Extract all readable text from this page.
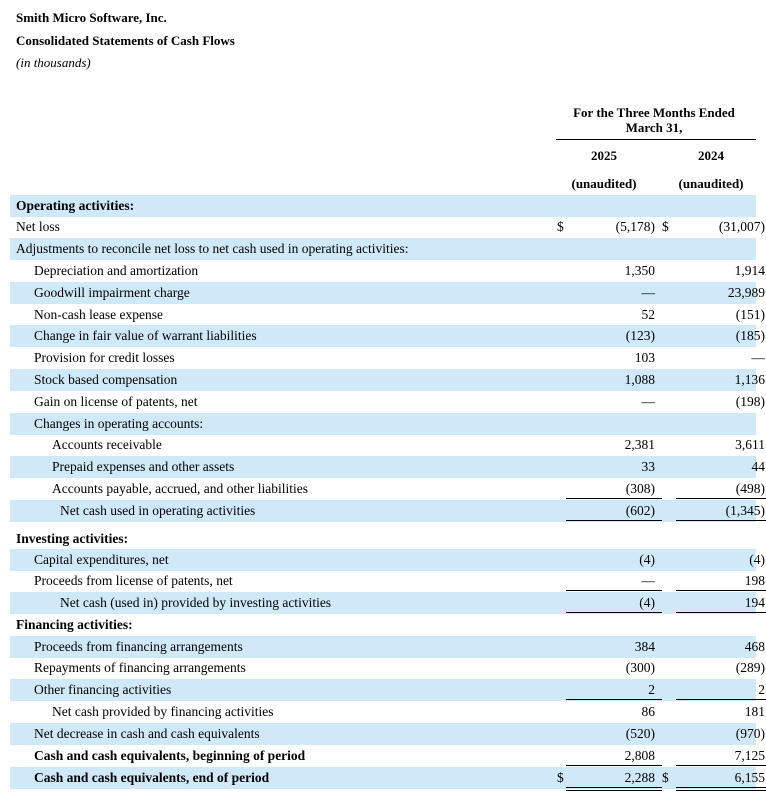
Smith Micro Software, Inc.
Consolidated Statements of Cash Flows
(in thousands)
For the Three Months Ended
March 31,
2025	2024
(unaudited)	(unaudited)
Operating activities:
Net loss	$	(5,178) $	(31,007)
Adjustments to reconcile net loss to net cash used in operating activities:
Depreciation and amortization	1,350	1,914
Goodwill impairment charge	—	23,989
Non-cash lease expense	52	(151)
Change in fair value of warrant liabilities	(123)	(185)
Provision for credit losses	103	—
Stock based compensation	1,088	1,136
Gain on license of patents, net	—	(198)
Changes in operating accounts:
Accounts receivable	2,381	3,611
Prepaid expenses and other assets	33	44
Accounts payable, accrued, and other liabilities	(308)	(498)
Net cash used in operating activities	(602)	(1,345)
Investing activities:
Capital expenditures, net	(4)	(4)
Proceeds from license of patents, net	—	198
Net cash (used in) provided by investing activities	(4)	194
Financing activities:
Proceeds from financing arrangements	384	468
Repayments of financing arrangements	(300)	(289)
Other financing activities	2	2
Net cash provided by financing activities	86	181
Net decrease in cash and cash equivalents	(520)	(970)
Cash and cash equivalents, beginning of period	2,808	7,125
Cash and cash equivalents, end of period	$	2,288 $	6,155
